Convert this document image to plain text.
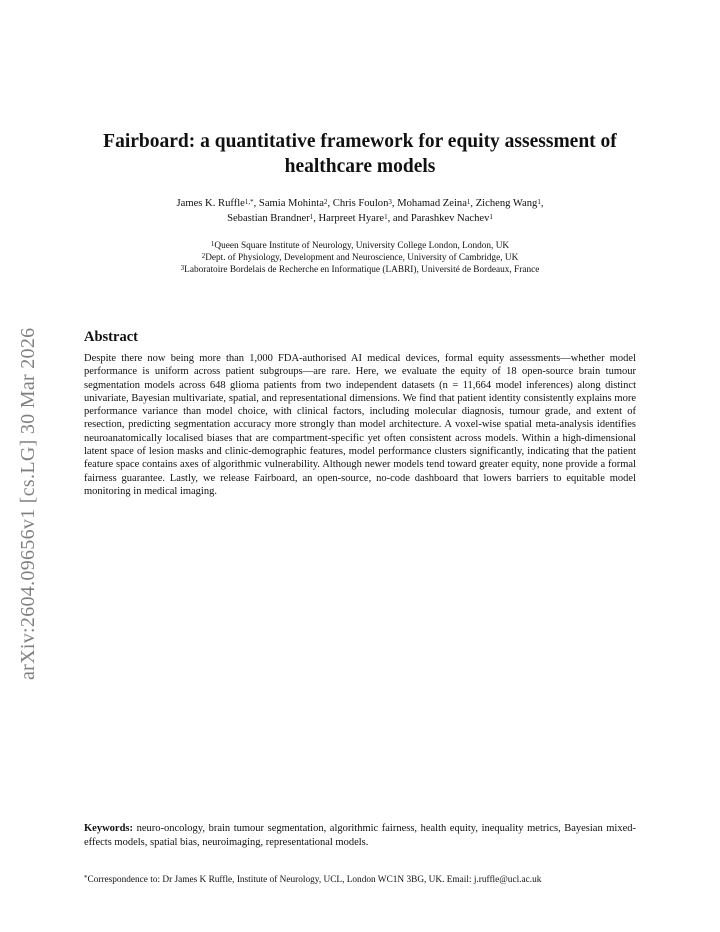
arXiv:2604.09656v1 [cs.LG] 30 Mar 2026
Fairboard: a quantitative framework for equity assessment of healthcare models
James K. Ruffle$^{1,*}$, Samia Mohinta$^2$, Chris Foulon$^3$, Mohamad Zeina$^1$, Zicheng Wang$^1$,
Sebastian Brandner$^1$, Harpreet Hyare$^1$, and Parashkev Nachev$^1$
$^1$Queen Square Institute of Neurology, University College London, London, UK
$^2$Dept. of Physiology, Development and Neuroscience, University of Cambridge, UK
$^3$Laboratoire Bordelais de Recherche en Informatique (LABRI), Université de Bordeaux, France
Abstract
Despite there now being more than 1,000 FDA-authorised AI medical devices, formal equity assessments—whether model performance is uniform across patient subgroups—are rare. Here, we evaluate the equity of 18 open-source brain tumour segmentation models across 648 glioma patients from two independent datasets (n = 11,664 model inferences) along distinct univariate, Bayesian multivariate, spatial, and representational dimensions. We find that patient identity consistently explains more performance variance than model choice, with clinical factors, including molecular diagnosis, tumour grade, and extent of resection, predicting segmentation accuracy more strongly than model architecture. A voxel-wise spatial meta-analysis identifies neuroanatomically localised biases that are compartment-specific yet often consistent across models. Within a high-dimensional latent space of lesion masks and clinic-demographic features, model performance clusters significantly, indicating that the patient feature space contains axes of algorithmic vulnerability. Although newer models tend toward greater equity, none provide a formal fairness guarantee. Lastly, we release Fairboard, an open-source, no-code dashboard that lowers barriers to equitable model monitoring in medical imaging.
Keywords: neuro-oncology, brain tumour segmentation, algorithmic fairness, health equity, inequality metrics, Bayesian mixed-effects models, spatial bias, neuroimaging, representational models.
*Correspondence to: Dr James K Ruffle, Institute of Neurology, UCL, London WC1N 3BG, UK. Email: j.ruffle@ucl.ac.uk
